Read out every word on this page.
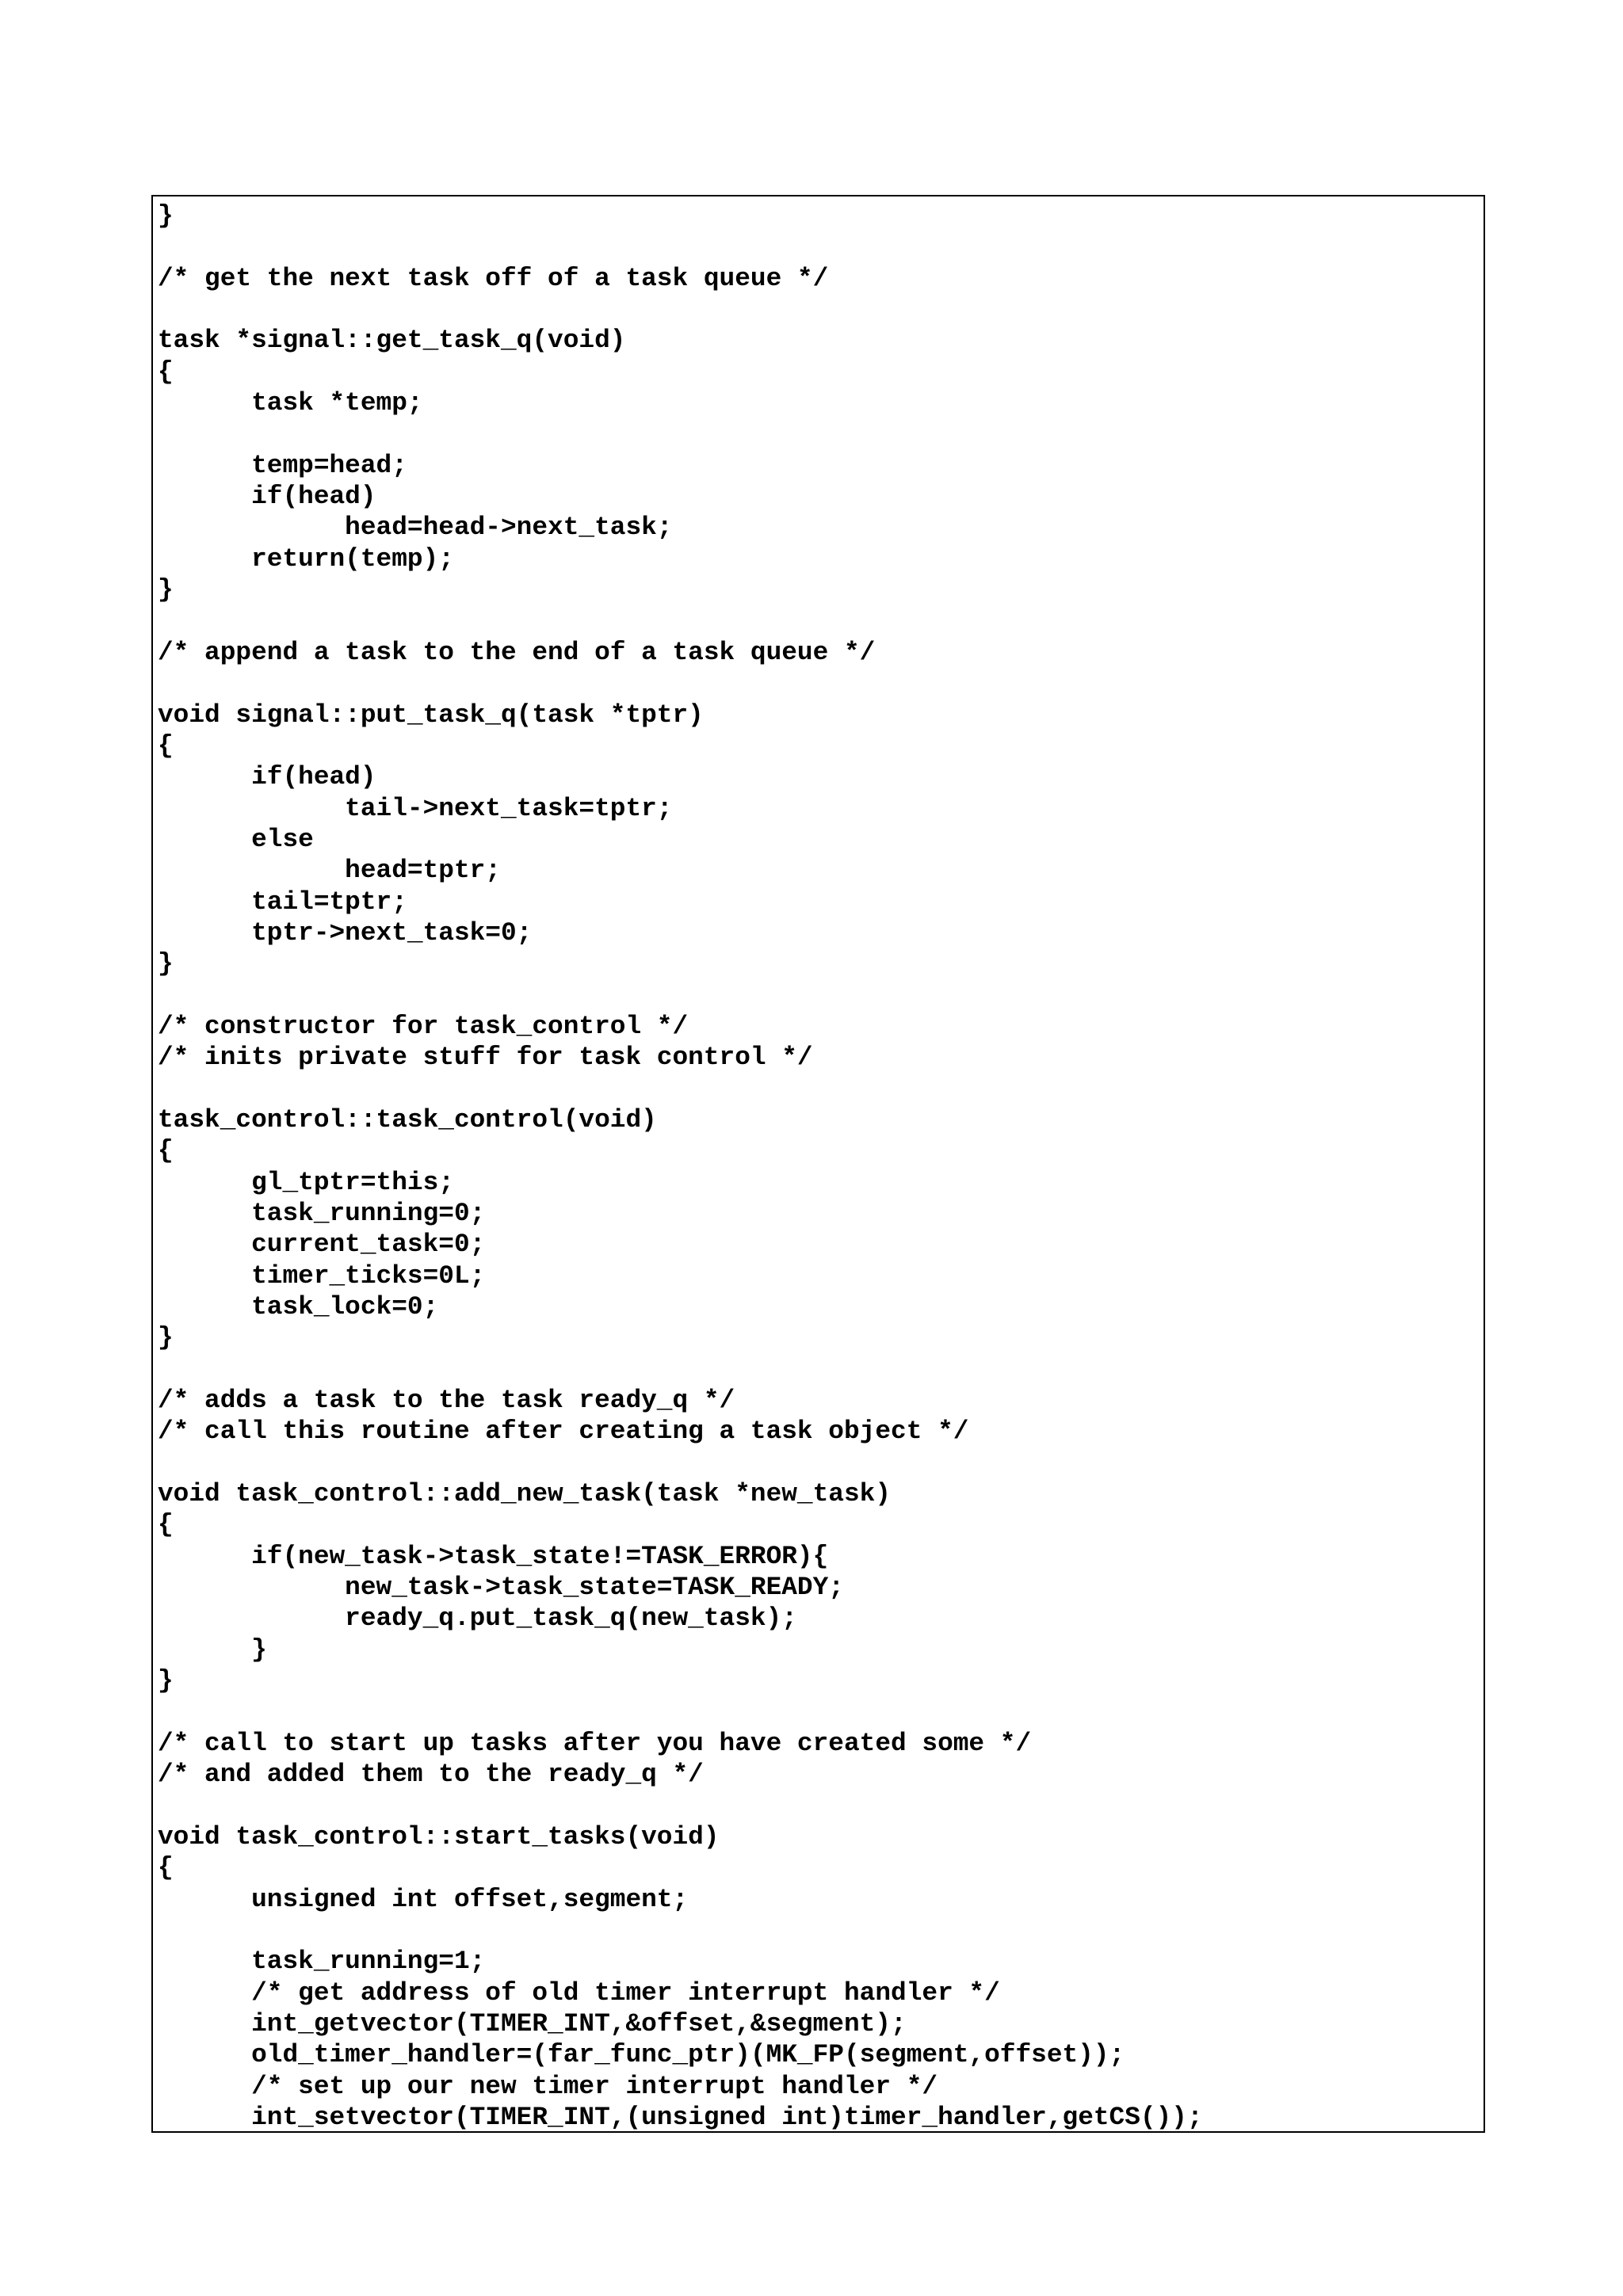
}
/* get the next task off of a task queue */
task *signal::get_task_q(void)
{
task *temp;
temp=head;
if(head)
head=head->next_task;
return(temp);
}
/* append a task to the end of a task queue */
void signal::put_task_q(task *tptr)
{
if(head)
tail->next_task=tptr;
else
head=tptr;
tail=tptr;
tptr->next_task=0;
}
/* constructor for task_control */
/* inits private stuff for task control */
task_control::task_control(void)
{
gl_tptr=this;
task_running=0;
current_task=0;
timer_ticks=0L;
task_lock=0;
}
/* adds a task to the task ready_q */
/* call this routine after creating a task object */
void task_control::add_new_task(task *new_task)
{
if(new_task->task_state!=TASK_ERROR){
new_task->task_state=TASK_READY;
ready_q.put_task_q(new_task);
}
}
/* call to start up tasks after you have created some */
/* and added them to the ready_q */
void task_control::start_tasks(void)
{
unsigned int offset,segment;
task_running=1;
/* get address of old timer interrupt handler */
int_getvector(TIMER_INT,&offset,&segment);
old_timer_handler=(far_func_ptr)(MK_FP(segment,offset));
/* set up our new timer interrupt handler */
int_setvector(TIMER_INT,(unsigned int)timer_handler,getCS());
